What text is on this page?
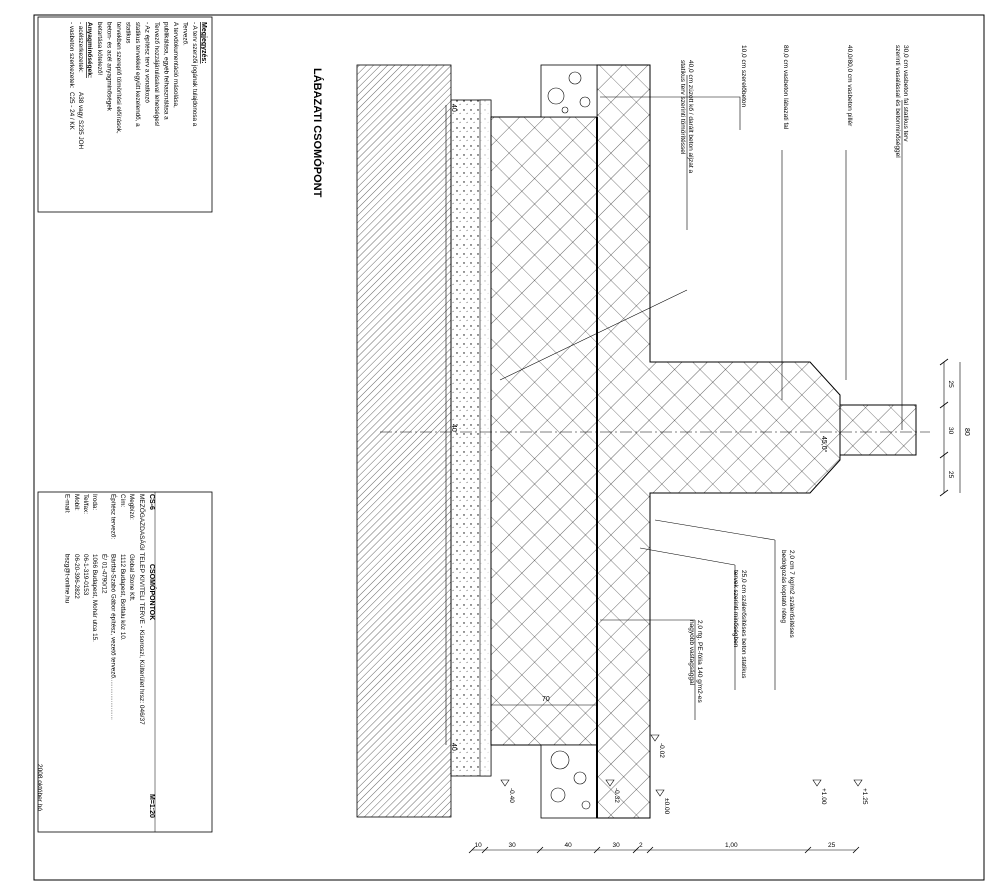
Megjegyzés:
- A terv szerzői jogának tulajdonosa a
Tervező.
A tervdokumentáció másolása,
publikálása, egyéb felhasználása a
Tervező hozzájárulásával lehetséges!
- Az építész terv a vonatkozó
statikus tervekkel együtt kezelendő, a
statikus
tervekben szereplő tömörítési előírások,
beton- és acél anyagminőségek
betartása kötelező!
Anyagminőségek:
- acélszerkezetek:
A38 vagy S235 JOH
- vasbeton szerkezetek:
C25 - 24 / KK	LÁBAZATI CSOMÓPONT
CS-6
CSOMÓPONTOK
M=1:20
MEZŐGAZDASÁGI TELEP KIVITELI TERVE - Kisoroszi, Külterület hrsz: 046/37
Megbízó:
Global Stone Kft.
Cím:
1112 Budapest, Botfalu köz 10.
Építész tervező:
Bártfai-Szabó Gábor építész, vezető tervező........................
É/ 01-4790/12
Iroda:
1066 Budapest, Mohár utca 15.
Tel/fax:
06-1-319-0153
Mobil:
06-20-396-2822
E-mail:
bszg@t-online.hu
2008 október hó
30,0 cm vasbeton fal statikus terv
szerinti vasalással és betonminőséggel
40,0/80,0 cm vasbeton pillér
80,0 cm vasbeton lábazati fal
10,0 cm szerelőbeton
40,0 cm zúzott kő / darált beton aljzat a
statikus terv szerinti tömörítéssel
2,0 cm 7 kg/m2 szálerősítéses
bedolgozás koptató réteg
25,0 cm szálerősítéses beton statikus
tervek szerinti minőségben
2,0 rtg. PE-fólia 140 g/m2-es
nagyobb vastagsággal
10	30	40	30	2	1,00	25
25
30
25
80
40
40
40
70
45,0°
±0.00
+1.00	+1.25
-0.02
-0.32
-0.40
